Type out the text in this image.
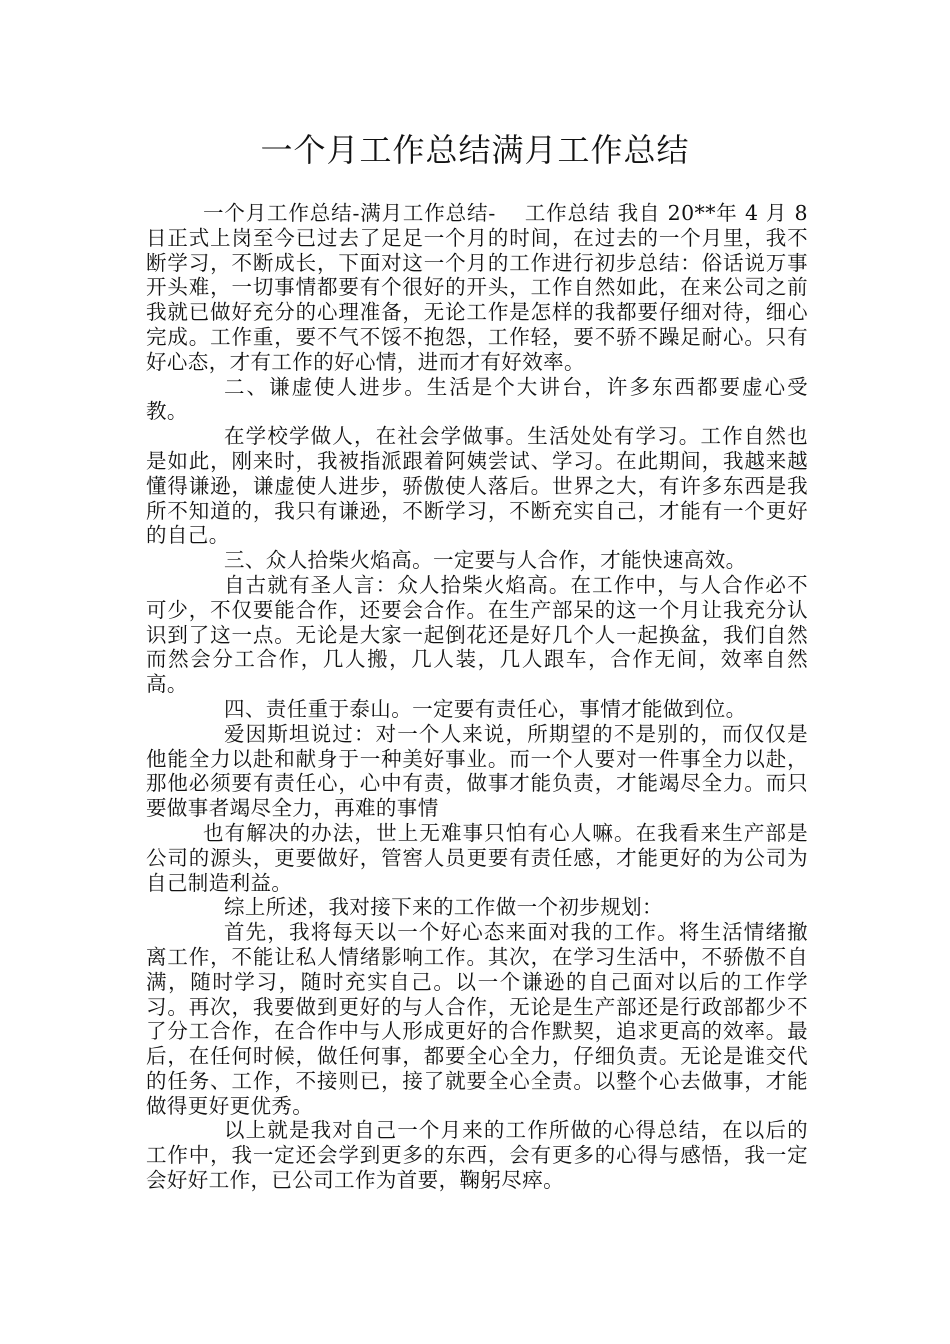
一个月工作总结满月工作总结

一个月工作总结-满月工作总结-　 工作总结 我自 20**年 4 月 8 日正式上岗至今已过去了足足一个月的时间，在过去的一个月里，我不断学习，不断成长，下面对这一个月的工作进行初步总结：俗话说万事开头难，一切事情都要有个很好的开头，工作自然如此，在来公司之前我就已做好充分的心理准备，无论工作是怎样的我都要仔细对待，细心完成。工作重，要不气不馁不抱怨，工作轻，要不骄不躁足耐心。只有好心态，才有工作的好心情，进而才有好效率。

二、谦虚使人进步。生活是个大讲台，许多东西都要虚心受教。

在学校学做人，在社会学做事。生活处处有学习。工作自然也是如此，刚来时，我被指派跟着阿姨尝试、学习。在此期间，我越来越懂得谦逊，谦虚使人进步，骄傲使人落后。世界之大，有许多东西是我所不知道的，我只有谦逊，不断学习，不断充实自己，才能有一个更好的自己。

三、众人拾柴火焰高。一定要与人合作，才能快速高效。

自古就有圣人言：众人拾柴火焰高。在工作中，与人合作必不可少，不仅要能合作，还要会合作。在生产部呆的这一个月让我充分认识到了这一点。无论是大家一起倒花还是好几个人一起换盆，我们自然而然会分工合作，几人搬，几人装，几人跟车，合作无间，效率自然高。

四、责任重于泰山。一定要有责任心，事情才能做到位。

爱因斯坦说过：对一个人来说，所期望的不是别的，而仅仅是他能全力以赴和献身于一种美好事业。而一个人要对一件事全力以赴，那他必须要有责任心，心中有责，做事才能负责，才能竭尽全力。而只要做事者竭尽全力，再难的事情

也有解决的办法，世上无难事只怕有心人嘛。在我看来生产部是公司的源头，更要做好，管窖人员更要有责任感，才能更好的为公司为自己制造利益。

综上所述，我对接下来的工作做一个初步规划：

首先，我将每天以一个好心态来面对我的工作。将生活情绪撤离工作，不能让私人情绪影响工作。其次，在学习生活中，不骄傲不自满，随时学习，随时充实自己。以一个谦逊的自己面对以后的工作学习。再次，我要做到更好的与人合作，无论是生产部还是行政部都少不了分工合作，在合作中与人形成更好的合作默契，追求更高的效率。最后，在任何时候，做任何事，都要全心全力，仔细负责。无论是谁交代的任务、工作，不接则已，接了就要全心全责。以整个心去做事，才能做得更好更优秀。

以上就是我对自己一个月来的工作所做的心得总结，在以后的工作中，我一定还会学到更多的东西，会有更多的心得与感悟，我一定会好好工作，已公司工作为首要，鞠躬尽瘁。
